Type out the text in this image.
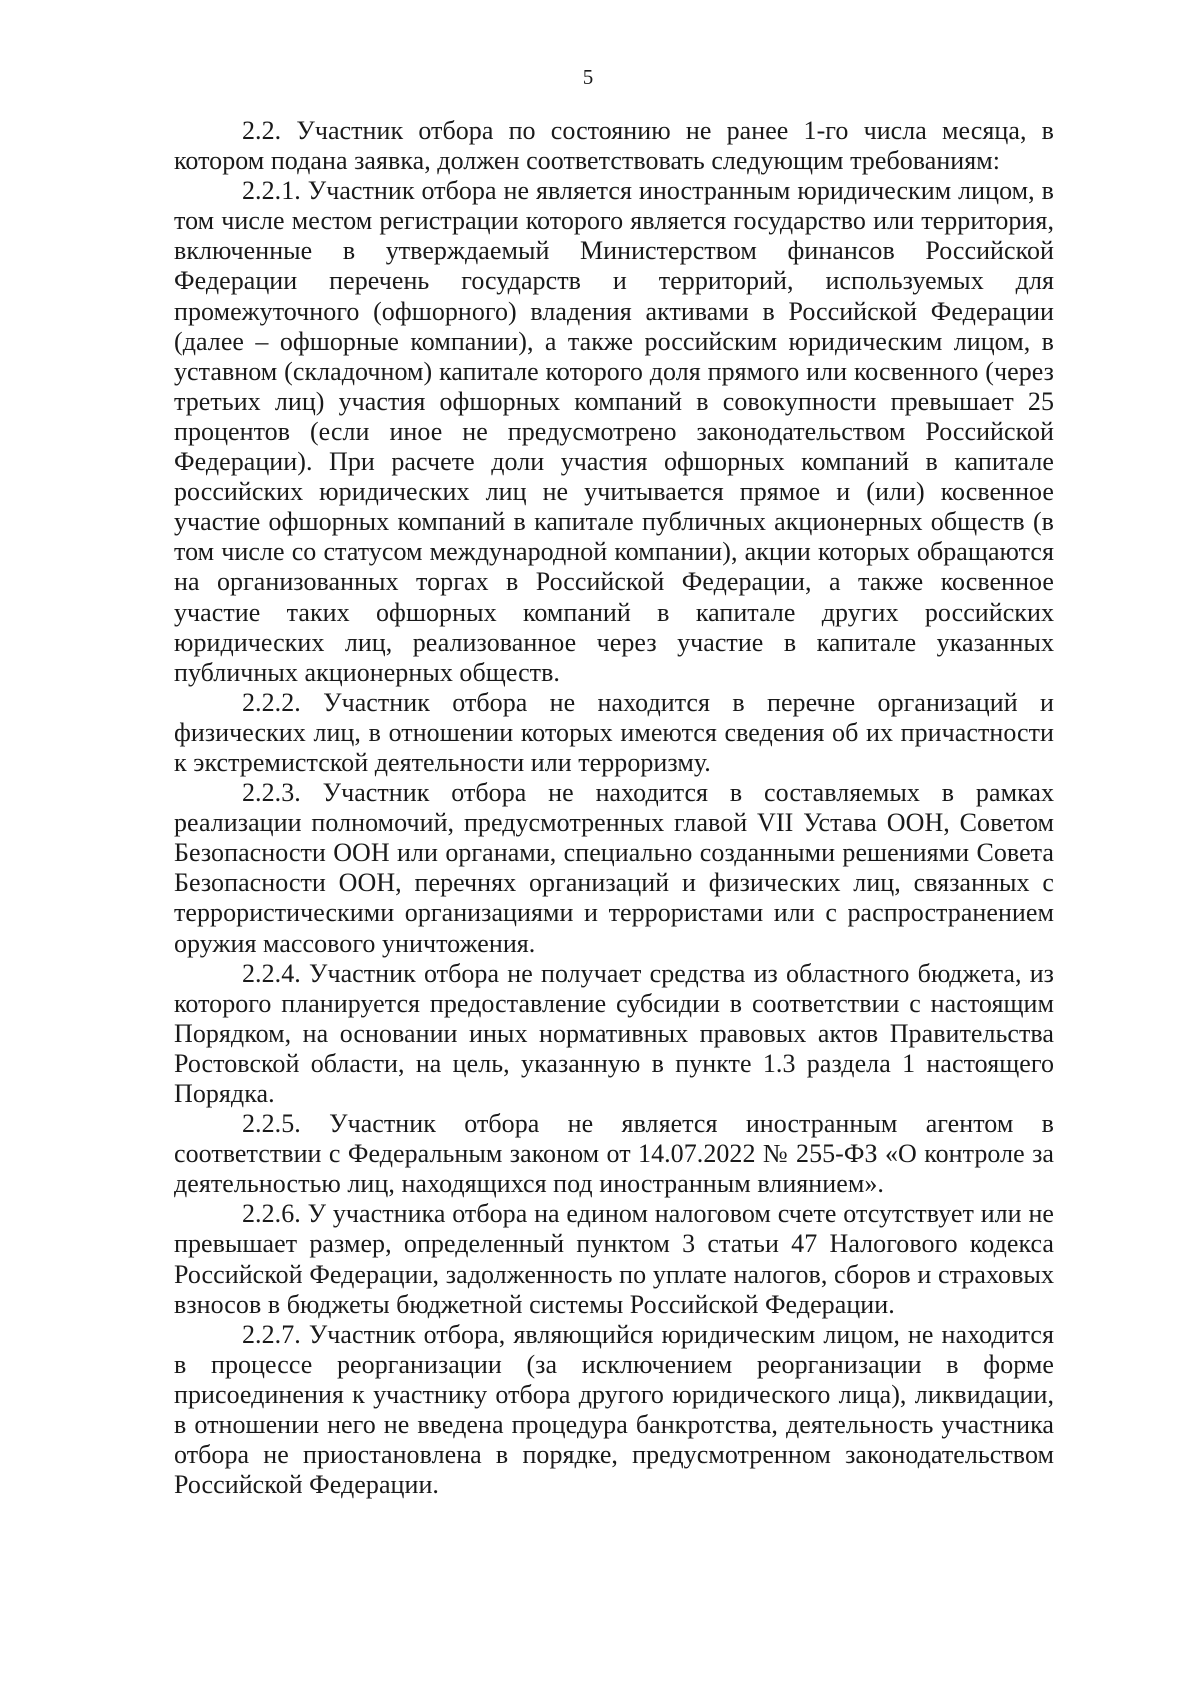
5

2.2. Участник отбора по состоянию не ранее 1-го числа месяца, в котором подана заявка, должен соответствовать следующим требованиям:

2.2.1. Участник отбора не является иностранным юридическим лицом, в том числе местом регистрации которого является государство или территория, включенные в утверждаемый Министерством финансов Российской Федерации перечень государств и территорий, используемых для промежуточного (офшорного) владения активами в Российской Федерации (далее – офшорные компании), а также российским юридическим лицом, в уставном (складочном) капитале которого доля прямого или косвенного (через третьих лиц) участия офшорных компаний в совокупности превышает 25 процентов (если иное не предусмотрено законодательством Российской Федерации). При расчете доли участия офшорных компаний в капитале российских юридических лиц не учитывается прямое и (или) косвенное участие офшорных компаний в капитале публичных акционерных обществ (в том числе со статусом международной компании), акции которых обращаются на организованных торгах в Российской Федерации, а также косвенное участие таких офшорных компаний в капитале других российских юридических лиц, реализованное через участие в капитале указанных публичных акционерных обществ.

2.2.2. Участник отбора не находится в перечне организаций и физических лиц, в отношении которых имеются сведения об их причастности к экстремистской деятельности или терроризму.

2.2.3. Участник отбора не находится в составляемых в рамках реализации полномочий, предусмотренных главой VII Устава ООН, Советом Безопасности ООН или органами, специально созданными решениями Совета Безопасности ООН, перечнях организаций и физических лиц, связанных с террористическими организациями и террористами или с распространением оружия массового уничтожения.

2.2.4. Участник отбора не получает средства из областного бюджета, из которого планируется предоставление субсидии в соответствии с настоящим Порядком, на основании иных нормативных правовых актов Правительства Ростовской области, на цель, указанную в пункте 1.3 раздела 1 настоящего Порядка.

2.2.5. Участник отбора не является иностранным агентом в соответствии с Федеральным законом от 14.07.2022 № 255-ФЗ «О контроле за деятельностью лиц, находящихся под иностранным влиянием».

2.2.6. У участника отбора на едином налоговом счете отсутствует или не превышает размер, определенный пунктом 3 статьи 47 Налогового кодекса Российской Федерации, задолженность по уплате налогов, сборов и страховых взносов в бюджеты бюджетной системы Российской Федерации.

2.2.7. Участник отбора, являющийся юридическим лицом, не находится в процессе реорганизации (за исключением реорганизации в форме присоединения к участнику отбора другого юридического лица), ликвидации, в отношении него не введена процедура банкротства, деятельность участника отбора не приостановлена в порядке, предусмотренном законодательством Российской Федерации.
